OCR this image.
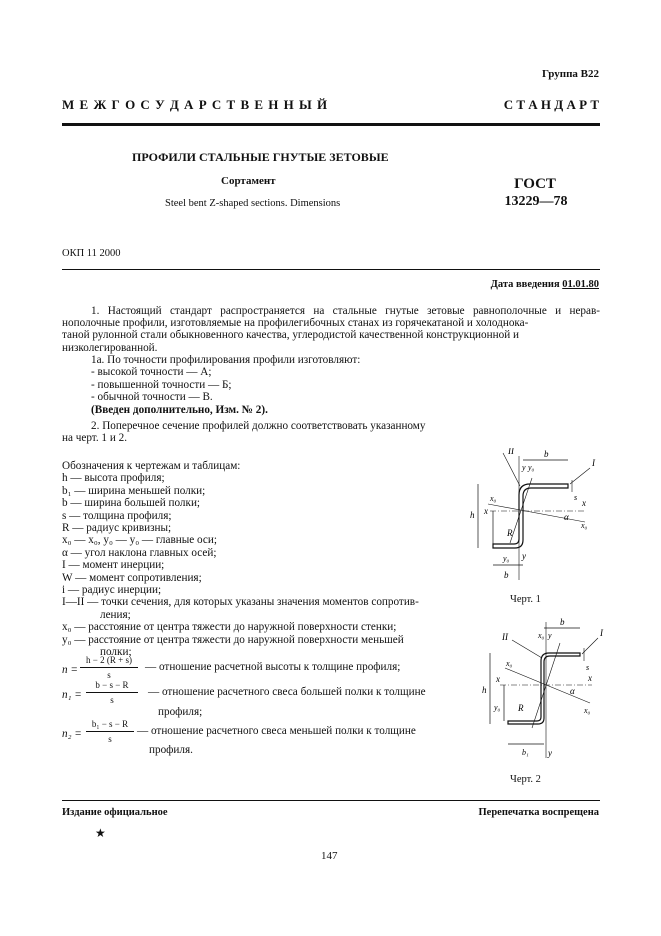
Группа В22
М Е Ж Г О С У Д А Р С Т В Е Н Н Ы Й	С Т А Н Д А Р Т
ПРОФИЛИ СТАЛЬНЫЕ ГНУТЫЕ ЗЕТОВЫЕ
Сортамент
Steel bent Z-shaped sections. Dimensions
ГОСТ
13229—78
ОКП 11 2000
Дата введения 01.01.80
1. Настоящий стандарт распространяется на стальные гнутые зетовые равнополочные и нерав-
нополочные профили, изготовляемые на профилегибочных станах из горячекатаной и холоднока-
таной рулонной стали обыкновенного качества, углеродистой качественной конструкционной и
низколегированной.
1а. По точности профилирования профили изготовляют:
- высокой точности — А;
- повышенной точности — Б;
- обычной точности — В.
(Введен дополнительно, Изм. № 2).
2. Поперечное сечение профилей должно соответствовать указанному
на черт. 1 и 2.
Обозначения к чертежам и таблицам:
h — высота профиля;
b₁ — ширина меньшей полки;
b — ширина большей полки;
s — толщина профиля;
R — радиус кривизны;
x₀ — x₀, y₀ — y₀ — главные оси;
α — угол наклона главных осей;
I — момент инерции;
W — момент сопротивления;
i — радиус инерции;
I—II — точки сечения, для которых указаны значения моментов сопротив-
ления;
x₀ — расстояние от центра тяжести до наружной поверхности стенки;
y₀ — расстояние от центра тяжести до наружной поверхности меньшей
полки;
n =
h − 2 (R + s)
s
— отношение расчетной высоты к толщине профиля;
n₁ =
b − s − R
s
— отношение расчетного свеса большей полки к толщине
профиля;
n₂ =
b₁ − s − R
s
— отношение расчетного свеса меньшей полки к толщине
профиля.
b
b
h
x₀
x
x
x₀
α
R
y₀ y
y y₀
s
II
I
Черт. 1
b
b₁
h
y₀
x₀
x	x
x₀
α
R
y
x₀ y
s
II	I
Черт. 2
Издание официальное	Перепечатка воспрещена
★
147
